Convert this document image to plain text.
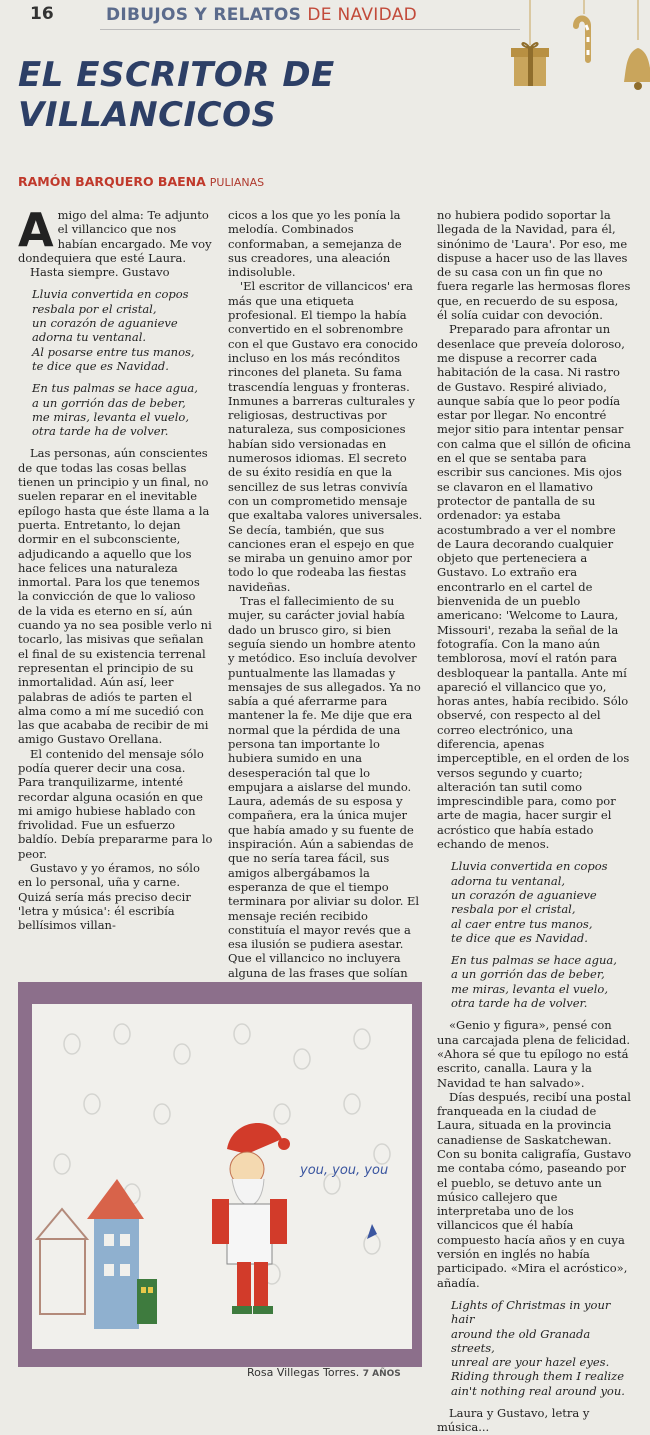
16	DIBUJOS Y RELATOS DE NAVIDAD
EL ESCRITOR DE
VILLANCICOS
RAMÓN BARQUERO BAENA PULIANAS

Amigo del alma: Te adjunto el villancico que nos habían encargado. Me voy dondequiera que esté Laura.

Hasta siempre. Gustavo

Lluvia convertida en copos
resbala por el cristal,
un corazón de aguanieve
adorna tu ventanal.
Al posarse entre tus manos,
te dice que es Navidad.
En tus palmas se hace agua,
a un gorrión das de beber,
me miras, levanta el vuelo,
otra tarde ha de volver.

Las personas, aún conscientes de que todas las cosas bellas tienen un principio y un final, no suelen reparar en el inevitable epílogo hasta que éste llama a la puerta. Entretanto, lo dejan dormir en el subconsciente, adjudicando a aquello que los hace felices una naturaleza inmortal. Para los que tenemos la convicción de que lo valioso de la vida es eterno en sí, aún cuando ya no sea posible verlo ni tocarlo, las misivas que señalan el final de su existencia terrenal representan el principio de su inmortalidad. Aún así, leer palabras de adiós te parten el alma como a mí me sucedió con las que acababa de recibir de mi amigo Gustavo Orellana.

El contenido del mensaje sólo podía querer decir una cosa. Para tranquilizarme, intenté recordar alguna ocasión en que mi amigo hubiese hablado con frivolidad. Fue un esfuerzo baldío. Debía prepararme para lo peor.

Gustavo y yo éramos, no sólo en lo personal, uña y carne. Quizá sería más preciso decir 'letra y música': él escribía bellísimos villan-

cicos a los que yo les ponía la melodía. Combinados conformaban, a semejanza de sus creadores, una aleación indisoluble.

'El escritor de villancicos' era más que una etiqueta profesional. El tiempo la había convertido en el sobrenombre con el que Gustavo era conocido incluso en los más recónditos rincones del planeta. Su fama trascendía lenguas y fronteras. Inmunes a barreras culturales y religiosas, destructivas por naturaleza, sus composiciones habían sido versionadas en numerosos idiomas. El secreto de su éxito residía en que la sencillez de sus letras convivía con un comprometido mensaje que exaltaba valores universales. Se decía, también, que sus canciones eran el espejo en que se miraba un genuino amor por todo lo que rodeaba las fiestas navideñas.

Tras el fallecimiento de su mujer, su carácter jovial había dado un brusco giro, si bien seguía siendo un hombre atento y metódico. Eso incluía devolver puntualmente las llamadas y mensajes de sus allegados. Ya no sabía a qué aferrarme para mantener la fe. Me dije que era normal que la pérdida de una persona tan importante lo hubiera sumido en una desesperación tal que lo empujara a aislarse del mundo. Laura, además de su esposa y compañera, era la única mujer que había amado y su fuente de inspiración. Aún a sabiendas de que no sería tarea fácil, sus amigos albergábamos la esperanza de que el tiempo terminara por aliviar su dolor. El mensaje recién recibido constituía el mayor revés que a esa ilusión se pudiera asestar. Que el villancico no incluyera alguna de las frases que solían

no hubiera podido soportar la llegada de la Navidad, para él, sinónimo de 'Laura'. Por eso, me dispuse a hacer uso de las llaves de su casa con un fin que no fuera regarle las hermosas flores que, en recuerdo de su esposa, él solía cuidar con devoción.

Preparado para afrontar un desenlace que preveía doloroso, me dispuse a recorrer cada habitación de la casa. Ni rastro de Gustavo. Respiré aliviado, aunque sabía que lo peor podía estar por llegar. No encontré mejor sitio para intentar pensar con calma que el sillón de oficina en el que se sentaba para escribir sus canciones. Mis ojos se clavaron en el llamativo protector de pantalla de su ordenador: ya estaba acostumbrado a ver el nombre de Laura decorando cualquier objeto que perteneciera a Gustavo. Lo extraño era encontrarlo en el cartel de bienvenida de un pueblo americano: 'Welcome to Laura, Missouri', rezaba la señal de la fotografía. Con la mano aún temblorosa, moví el ratón para desbloquear la pantalla. Ante mí apareció el villancico que yo, horas antes, había recibido. Sólo observé, con respecto al del correo electrónico, una diferencia, apenas imperceptible, en el orden de los versos segundo y cuarto; alteración tan sutil como imprescindible para, como por arte de magia, hacer surgir el acróstico que había estado echando de menos.

Lluvia convertida en copos
adorna tu ventanal,
un corazón de aguanieve
resbala por el cristal,
al caer entre tus manos,
te dice que es Navidad.
En tus palmas se hace agua,
a un gorrión das de beber,
me miras, levanta el vuelo,
otra tarde ha de volver.

«Genio y figura», pensé con una carcajada plena de felicidad. «Ahora sé que tu epílogo no está escrito, canalla. Laura y la Navidad te han salvado».

Días después, recibí una postal franqueada en la ciudad de Laura, situada en la provincia canadiense de Saskatchewan. Con su bonita caligrafía, Gustavo me contaba cómo, paseando por el pueblo, se detuvo ante un músico callejero que interpretaba uno de los villancicos que él había compuesto hacía años y en cuya versión en inglés no había participado. «Mira el acróstico», añadía.

Lights of Christmas in your hair
around the old Granada streets,
unreal are your hazel eyes.
Riding through them I realize
ain't nothing real around you.

Laura y Gustavo, letra y música...

you, you, you
Rosa Villegas Torres. 7 AÑOS
